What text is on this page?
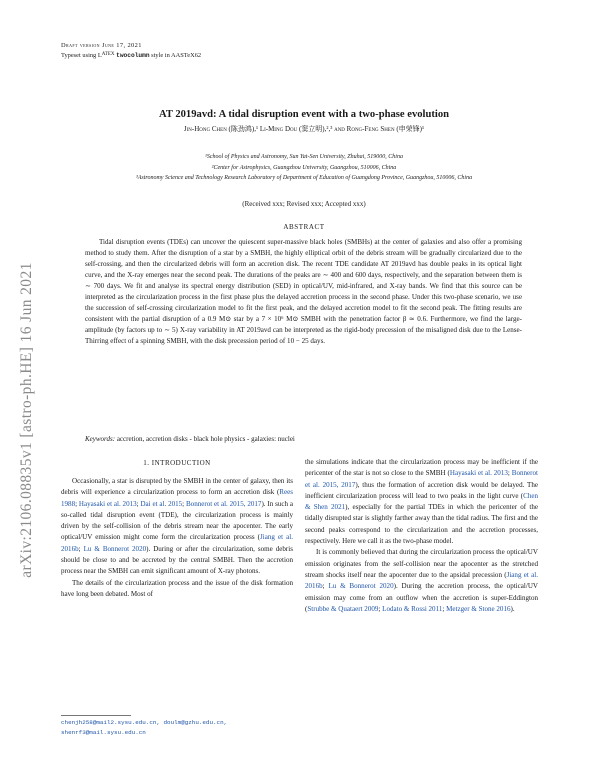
arXiv:2106.08835v1 [astro-ph.HE] 16 Jun 2021
Draft version June 17, 2021
Typeset using $L^{ATEX}$ twocolumn style in AASTeX62
AT 2019avd: A tidal disruption event with a two-phase evolution
Jin-Hong Chen (陈劲鸿),¹ Li-Ming Dou (窦立明),²,³ and Rong-Feng Shen (申荣锋)¹
¹School of Physics and Astronomy, Sun Yat-Sen University, Zhuhai, 519000, China
²Center for Astrophysics, Guangzhou University, Guangzhou, 510006, China
³Astronomy Science and Technology Research Laboratory of Department of Education of Guangdong Province, Guangzhou, 510006, China
(Received xxx; Revised xxx; Accepted xxx)
ABSTRACT

Tidal disruption events (TDEs) can uncover the quiescent super-massive black holes (SMBHs) at the center of galaxies and also offer a promising method to study them. After the disruption of a star by a SMBH, the highly elliptical orbit of the debris stream will be gradually circularized due to the self-crossing, and then the circularized debris will form an accretion disk. The recent TDE candidate AT 2019avd has double peaks in its optical light curve, and the X-ray emerges near the second peak. The durations of the peaks are ∼ 400 and 600 days, respectively, and the separation between them is ∼ 700 days. We fit and analyse its spectral energy distribution (SED) in optical/UV, mid-infrared, and X-ray bands. We find that this source can be interpreted as the circularization process in the first phase plus the delayed accretion process in the second phase. Under this two-phase scenario, we use the succession of self-crossing circularization model to fit the first peak, and the delayed accretion model to fit the second peak. The fitting results are consistent with the partial disruption of a 0.9 M⊙ star by a 7 × 10⁶ M⊙ SMBH with the penetration factor β ≃ 0.6. Furthermore, we find the large-amplitude (by factors up to ∼ 5) X-ray variability in AT 2019avd can be interpreted as the rigid-body precession of the misaligned disk due to the Lense-Thirring effect of a spinning SMBH, with the disk precession period of 10 − 25 days.

Keywords: accretion, accretion disks - black hole physics - galaxies: nuclei
1. INTRODUCTION

Occasionally, a star is disrupted by the SMBH in the center of galaxy, then its debris will experience a circularization process to form an accretion disk (Rees 1988; Hayasaki et al. 2013; Dai et al. 2015; Bonnerot et al. 2015, 2017). In such a so-called tidal disruption event (TDE), the circularization process is mainly driven by the self-collision of the debris stream near the apocenter. The early optical/UV emission might come form the circularization process (Jiang et al. 2016b; Lu & Bonnerot 2020). During or after the circularization, some debris should be close to and be accreted by the central SMBH. Then the accretion process near the SMBH can emit significant amount of X-ray photons.

The details of the circularization process and the issue of the disk formation have long been debated. Most of

the simulations indicate that the circularization process may be inefficient if the pericenter of the star is not so close to the SMBH (Hayasaki et al. 2013; Bonnerot et al. 2015, 2017), thus the formation of accretion disk would be delayed. The inefficient circularization process will lead to two peaks in the light curve (Chen & Shen 2021), especially for the partial TDEs in which the pericenter of the tidally disrupted star is slightly farther away than the tidal radius. The first and the second peaks correspond to the circularization and the accretion processes, respectively. Here we call it as the two-phase model.

It is commonly believed that during the circularization process the optical/UV emission originates from the self-collision near the apocenter as the stretched stream shocks itself near the apocenter due to the apsidal precession (Jiang et al. 2016b; Lu & Bonnerot 2020). During the accretion process, the optical/UV emission may come from an outflow when the accretion is super-Eddington (Strubbe & Quataert 2009; Lodato & Rossi 2011; Metzger & Stone 2016).

chenjh258@mail2.sysu.edu.cn, doulm@gzhu.edu.cn,
shenrf3@mail.sysu.edu.cn
